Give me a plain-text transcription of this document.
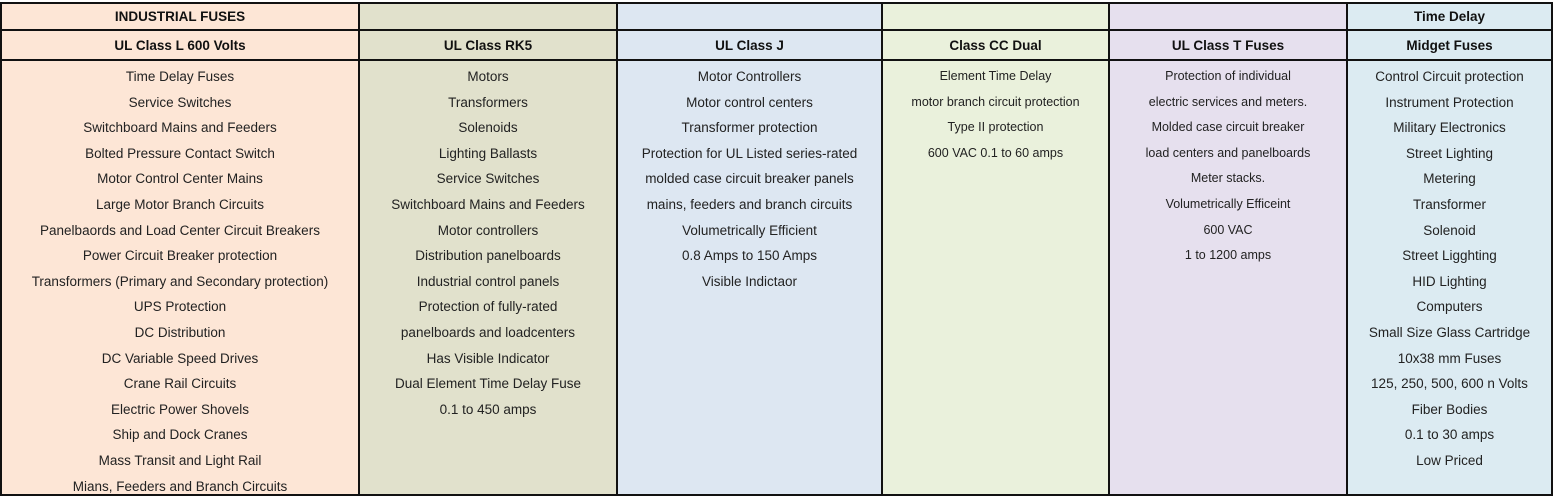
INDUSTRIAL FUSES
UL Class L 600 Volts
Time Delay Fuses
Service Switches
Switchboard Mains and Feeders
Bolted Pressure Contact Switch
Motor Control Center Mains
Large Motor Branch Circuits
Panelbaords and Load Center Circuit Breakers
Power Circuit Breaker protection
Transformers (Primary and Secondary protection)
UPS Protection
DC Distribution
DC Variable Speed Drives
Crane Rail Circuits
Electric Power Shovels
Ship and Dock Cranes
Mass Transit and Light Rail
Mians, Feeders and Branch Circuits
UL Class RK5
Motors
Transformers
Solenoids
Lighting Ballasts
Service Switches
Switchboard Mains and Feeders
Motor controllers
Distribution panelboards
Industrial control panels
Protection of fully-rated
panelboards and loadcenters
Has Visible Indicator
Dual Element Time Delay Fuse
0.1 to 450 amps
UL Class J
Motor Controllers
Motor control centers
Transformer protection
Protection for UL Listed series-rated
molded case circuit breaker panels
mains, feeders and branch circuits
Volumetrically Efficient
0.8 Amps to 150 Amps
Visible Indictaor
Class CC Dual
Element Time Delay
motor branch circuit protection
Type II protection
600 VAC 0.1 to 60 amps
UL Class T Fuses
Protection of individual
electric services and meters.
Molded case circuit breaker
load centers and panelboards
Meter stacks.
Volumetrically Efficeint
600 VAC
1 to 1200 amps
Time Delay
Midget Fuses
Control Circuit protection
Instrument Protection
Military Electronics
Street Lighting
Metering
Transformer
Solenoid
Street Ligghting
HID Lighting
Computers
Small Size Glass Cartridge
10x38 mm Fuses
125, 250, 500, 600 n Volts
Fiber Bodies
0.1 to 30 amps
Low Priced
